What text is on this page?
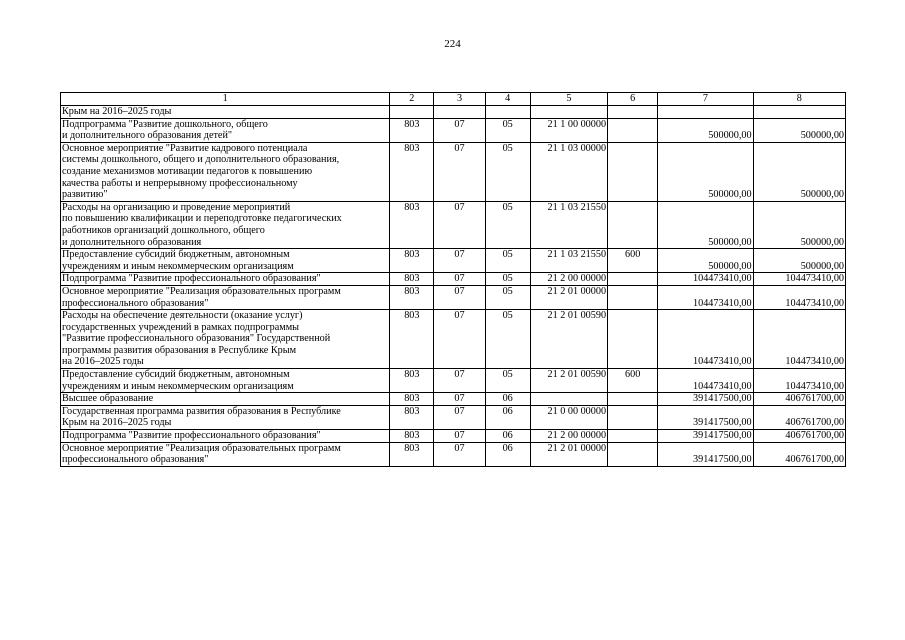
224
1	2	3	4	5	6	7	8
Крым на 2016–2025 годы							
Подпрограмма "Развитие дошкольного, общего
и дополнительного образования детей"	803	07	05	21 1 00 00000		500000,00	500000,00
Основное мероприятие "Развитие кадрового потенциала
системы дошкольного, общего и дополнительного образования,
создание механизмов мотивации педагогов к повышению
качества работы и непрерывному профессиональному
развитию"	803	07	05	21 1 03 00000		500000,00	500000,00
Расходы на организацию и проведение мероприятий
по повышению квалификации и переподготовке педагогических
работников организаций дошкольного, общего
и дополнительного образования	803	07	05	21 1 03 21550		500000,00	500000,00
Предоставление субсидий бюджетным, автономным
учреждениям и иным некоммерческим организациям	803	07	05	21 1 03 21550	600	500000,00	500000,00
Подпрограмма "Развитие профессионального образования"	803	07	05	21 2 00 00000		104473410,00	104473410,00
Основное мероприятие "Реализация образовательных программ
профессионального образования"	803	07	05	21 2 01 00000		104473410,00	104473410,00
Расходы на обеспечение деятельности (оказание услуг)
государственных учреждений в рамках подпрограммы
"Развитие профессионального образования" Государственной
программы развития образования в Республике Крым
на 2016–2025 годы	803	07	05	21 2 01 00590		104473410,00	104473410,00
Предоставление субсидий бюджетным, автономным
учреждениям и иным некоммерческим организациям	803	07	05	21 2 01 00590	600	104473410,00	104473410,00
Высшее образование	803	07	06			391417500,00	406761700,00
Государственная программа развития образования в Республике
Крым на 2016–2025 годы	803	07	06	21 0 00 00000		391417500,00	406761700,00
Подпрограмма "Развитие профессионального образования"	803	07	06	21 2 00 00000		391417500,00	406761700,00
Основное мероприятие "Реализация образовательных программ
профессионального образования"	803	07	06	21 2 01 00000		391417500,00	406761700,00
